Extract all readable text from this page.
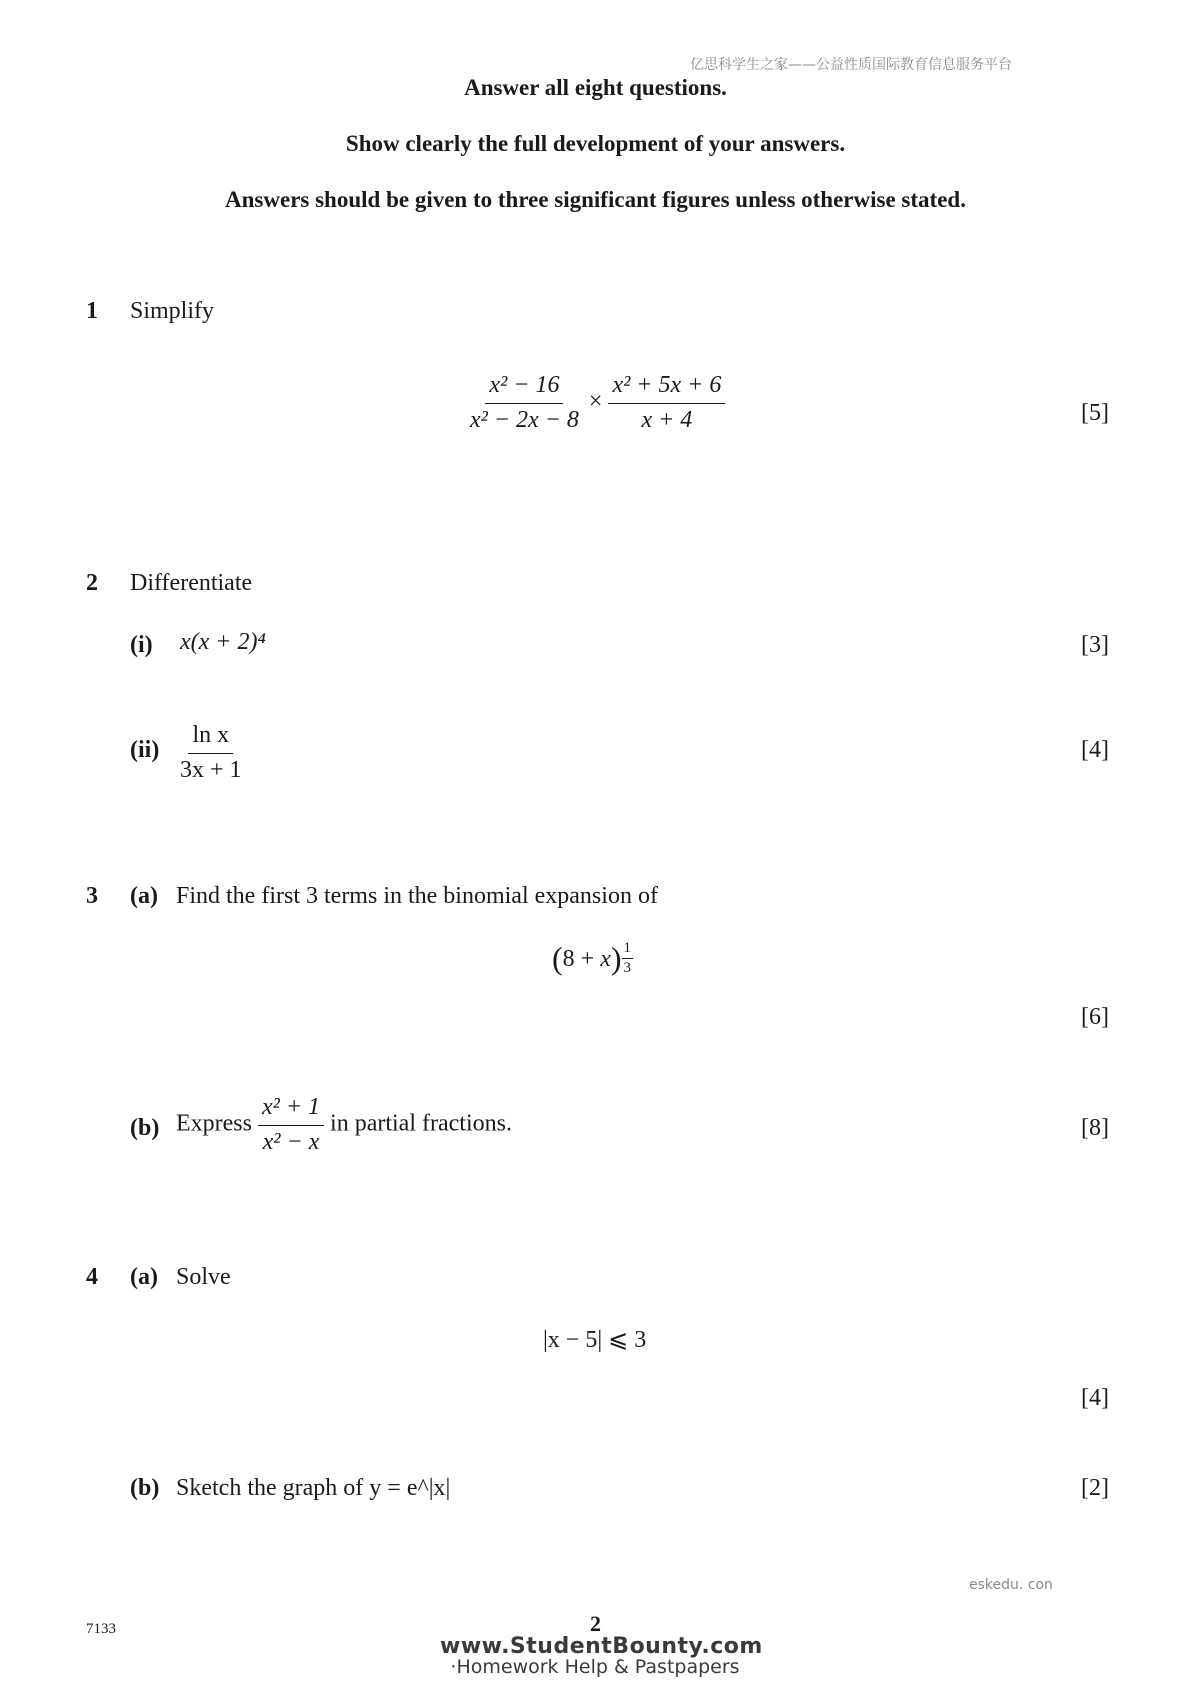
亿思科学生之家——公益性质国际教育信息服务平台
Answer all eight questions.
Show clearly the full development of your answers.
Answers should be given to three significant figures unless otherwise stated.
1 Simplify
$\frac{\text{x² − 16}}{\text{x² − 2x − 8}} \times \frac{\text{x² + 5x + 6}}{x + 4}$	[5]
2 Differentiate
(i) x(x + 2)⁴	[3]
$(ii) \frac{\text{ln x}}{3x + 1}$	[4]
3 (a) Find the first 3 terms in the binomial expansion of
(8 + x) $^{\frac{1}{3}}$
[6]
(b) Express $\frac{\text{x² + 1}}{\text{x² − x}}$ in partial fractions.	[8]
4 (a) Solve
|x − 5| ⩽ 3
[4]
(b) Sketch the graph of y = e^|x|	[2]
eskedu. con
7133	2
www.StudentBounty.com
·Homework Help & Pastpapers
